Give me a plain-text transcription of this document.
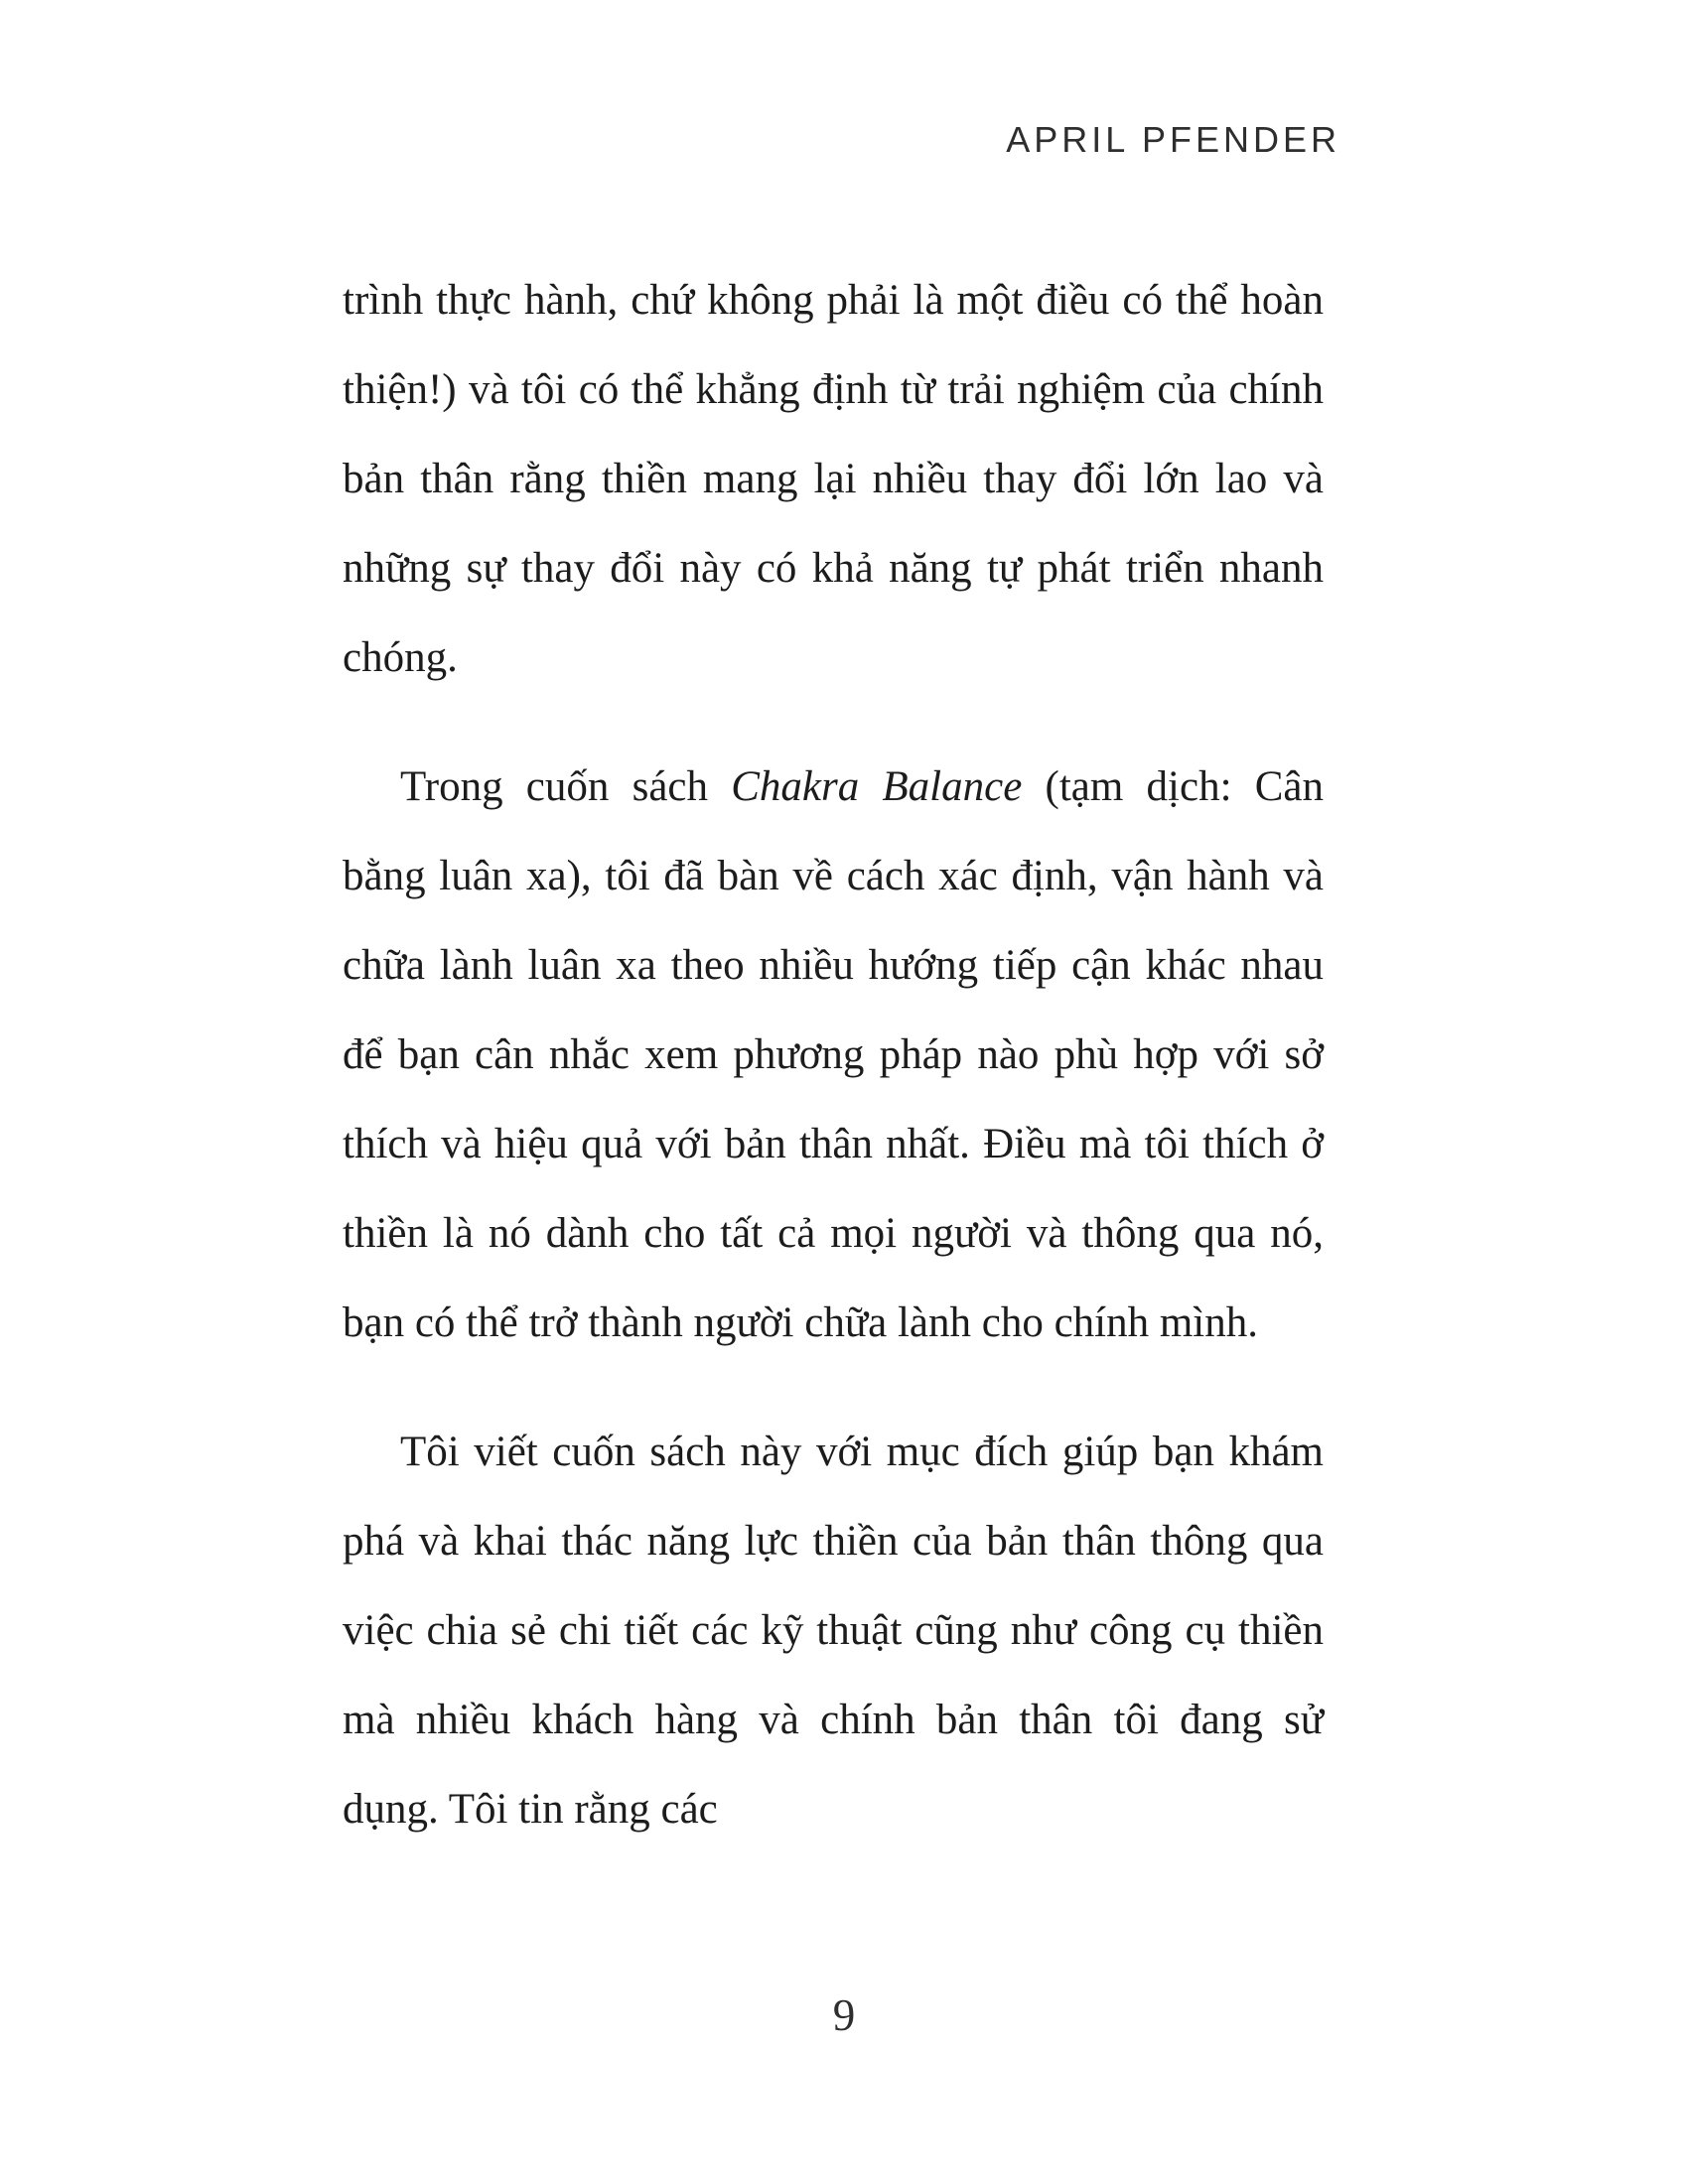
APRIL PFENDER

trình thực hành, chứ không phải là một điều có thể hoàn thiện!) và tôi có thể khẳng định từ trải nghiệm của chính bản thân rằng thiền mang lại nhiều thay đổi lớn lao và những sự thay đổi này có khả năng tự phát triển nhanh chóng.

Trong cuốn sách Chakra Balance (tạm dịch: Cân bằng luân xa), tôi đã bàn về cách xác định, vận hành và chữa lành luân xa theo nhiều hướng tiếp cận khác nhau để bạn cân nhắc xem phương pháp nào phù hợp với sở thích và hiệu quả với bản thân nhất. Điều mà tôi thích ở thiền là nó dành cho tất cả mọi người và thông qua nó, bạn có thể trở thành người chữa lành cho chính mình.

Tôi viết cuốn sách này với mục đích giúp bạn khám phá và khai thác năng lực thiền của bản thân thông qua việc chia sẻ chi tiết các kỹ thuật cũng như công cụ thiền mà nhiều khách hàng và chính bản thân tôi đang sử dụng. Tôi tin rằng các

9
